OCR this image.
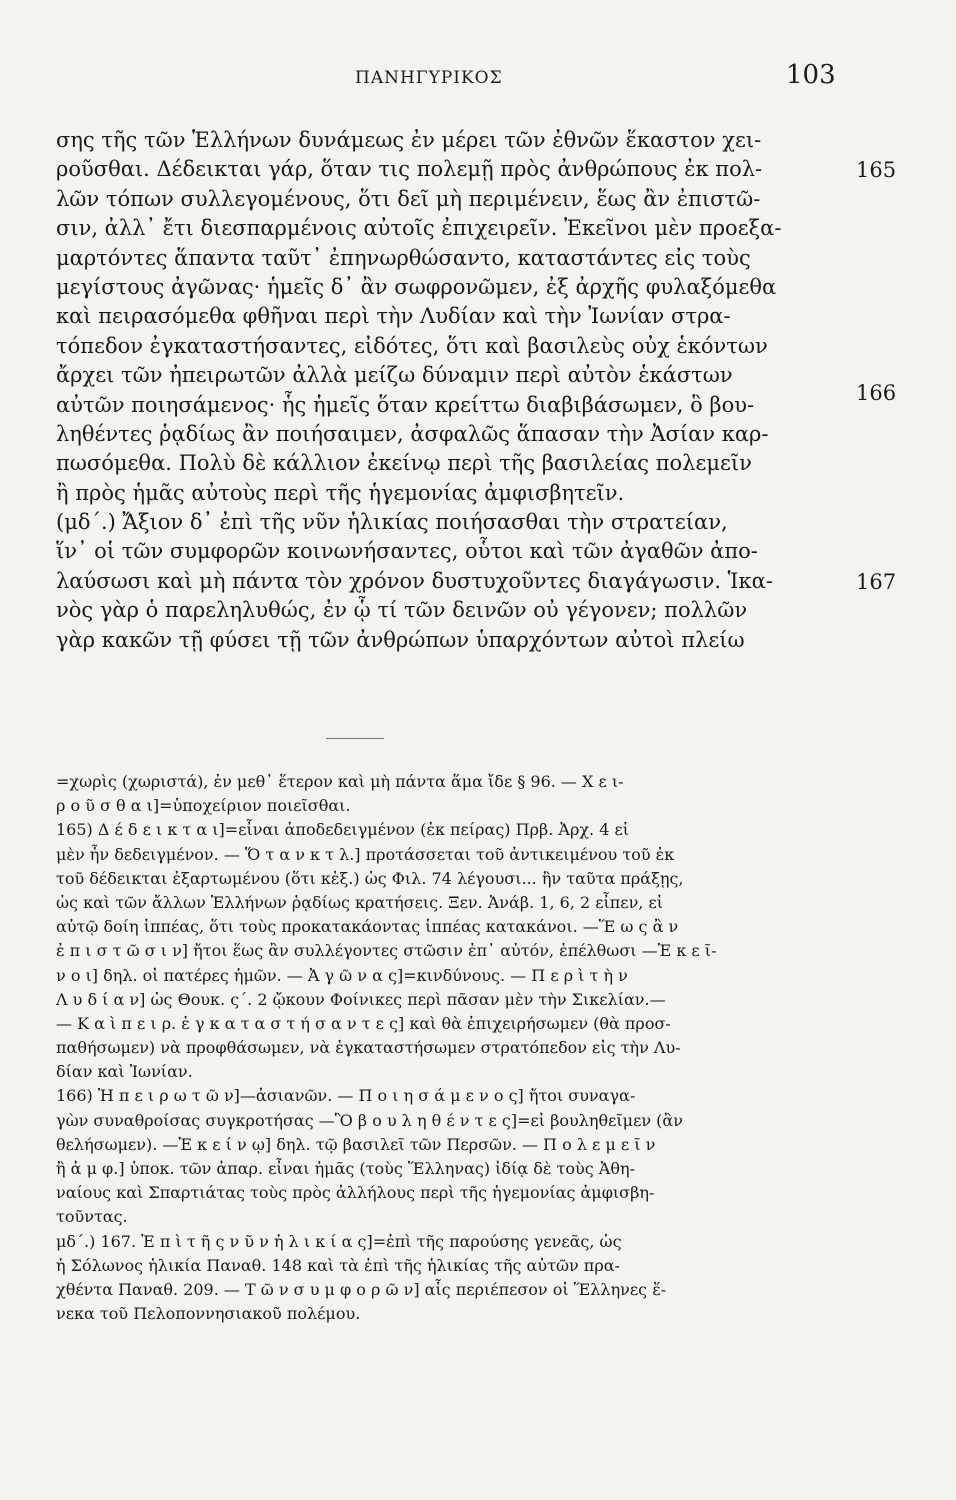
ΠΑΝΗΓΥΡΙΚΟΣ	103
σης τῆς τῶν Ἑλλήνων δυνάμεως ἐν μέρει τῶν ἐθνῶν ἕκαστον χει-
ροῦσθαι. Δέδεικται γάρ, ὅταν τις πολεμῇ πρὸς ἀνθρώπους ἐκ πολ-
λῶν τόπων συλλεγομένους, ὅτι δεῖ μὴ περιμένειν, ἕως ἂν ἐπιστῶ-
σιν, ἀλλ᾽ ἔτι διεσπαρμένοις αὐτοῖς ἐπιχειρεῖν. Ἐκεῖνοι μὲν προεξα-
μαρτόντες ἅπαντα ταῦτ᾽ ἐπηνωρθώσαντο, καταστάντες εἰς τοὺς
μεγίστους ἀγῶνας· ἡμεῖς δ᾽ ἂν σωφρονῶμεν, ἐξ ἀρχῆς φυλαξόμεθα
καὶ πειρασόμεθα φθῆναι περὶ τὴν Λυδίαν καὶ τὴν Ἰωνίαν στρα-
τόπεδον ἐγκαταστήσαντες, εἰδότες, ὅτι καὶ βασιλεὺς οὐχ ἑκόντων
ἄρχει τῶν ἠπειρωτῶν ἀλλὰ μείζω δύναμιν περὶ αὐτὸν ἑκάστων
αὐτῶν ποιησάμενος· ἧς ἡμεῖς ὅταν κρείττω διαβιβάσωμεν, ὃ βου-
ληθέντες ῥᾳδίως ἂν ποιήσαιμεν, ἀσφαλῶς ἅπασαν τὴν Ἀσίαν καρ-
πωσόμεθα. Πολὺ δὲ κάλλιον ἐκείνῳ περὶ τῆς βασιλείας πολεμεῖν
ἢ πρὸς ἡμᾶς αὐτοὺς περὶ τῆς ἡγεμονίας ἀμφισβητεῖν.
(μδ΄.) Ἄξιον δ᾽ ἐπὶ τῆς νῦν ἡλικίας ποιήσασθαι τὴν στρατείαν,
ἵν᾽ οἱ τῶν συμφορῶν κοινωνήσαντες, οὗτοι καὶ τῶν ἀγαθῶν ἀπο-
λαύσωσι καὶ μὴ πάντα τὸν χρόνον δυστυχοῦντες διαγάγωσιν. Ἱκα-
νὸς γὰρ ὁ παρεληλυθώς, ἐν ᾧ τί τῶν δεινῶν οὐ γέγονεν; πολλῶν
γὰρ κακῶν τῇ φύσει τῇ τῶν ἀνθρώπων ὑπαρχόντων αὐτοὶ πλείω
165
166
167
=χωρὶς (χωριστά), ἐν μεθ᾽ ἕτερον καὶ μὴ πάντα ἅμα ἴδε § 96. — Χ ε ι-
ρ ο ῦ σ θ α ι]=ὑποχείριον ποιεῖσθαι.
165) Δ έ δ ε ι κ τ α ι]=εἶναι ἀποδεδειγμένον (ἐκ πείρας) Πρβ. Ἀρχ. 4 εἰ
μὲν ἦν δεδειγμένον. — Ὅ τ α ν κ τ λ.] προτάσσεται τοῦ ἀντικειμένου τοῦ ἐκ
τοῦ δέδεικται ἐξαρτωμένου (ὅτι κἑξ.) ὡς Φιλ. 74 λέγουσι... ἢν ταῦτα πράξῃς,
ὡς καὶ τῶν ἄλλων Ἑλλήνων ῥᾳδίως κρατήσεις. Ξεν. Ἀνάβ. 1, 6, 2 εἶπεν, εἰ
αὐτῷ δοίη ἱππέας, ὅτι τοὺς προκατακάοντας ἱππέας κατακάνοι. —Ἕ ω ς ἂ ν
ἐ π ι σ τ ῶ σ ι ν] ἤτοι ἕως ἂν συλλέγοντες στῶσιν ἐπ᾽ αὐτόν, ἐπέλθωσι —Ἐ κ ε ῖ-
ν ο ι] δηλ. οἱ πατέρες ἡμῶν. — Ἀ γ ῶ ν α ς]=κινδύνους. — Π ε ρ ὶ τ ὴ ν
Λ υ δ ί α ν] ὡς Θουκ. ς΄. 2 ᾤκουν Φοίνικες περὶ πᾶσαν μὲν τὴν Σικελίαν.—
— Κ α ὶ π ε ι ρ. ἐ γ κ α τ α σ τ ή σ α ν τ ε ς] καὶ θὰ ἐπιχειρήσωμεν (θὰ προσ-
παθήσωμεν) νὰ προφθάσωμεν, νὰ ἐγκαταστήσωμεν στρατόπεδον εἰς τὴν Λυ-
δίαν καὶ Ἰωνίαν.
166) Ἠ π ε ι ρ ω τ ῶ ν]—ἀσιανῶν. — Π ο ι η σ ά μ ε ν ο ς] ἤτοι συναγα-
γὼν συναθροίσας συγκροτήσας —Ὃ β ο υ λ η θ έ ν τ ε ς]=εἰ βουληθεῖμεν (ἂν
θελήσωμεν). —Ἐ κ ε ί ν ῳ] δηλ. τῷ βασιλεῖ τῶν Περσῶν. — Π ο λ ε μ ε ῖ ν
ἢ ἀ μ φ.] ὑποκ. τῶν ἀπαρ. εἶναι ἡμᾶς (τοὺς Ἕλληνας) ἰδίᾳ δὲ τοὺς Ἀθη-
ναίους καὶ Σπαρτιάτας τοὺς πρὸς ἀλλήλους περὶ τῆς ἡγεμονίας ἀμφισβη-
τοῦντας.
μδ΄.) 167. Ἐ π ὶ τ ῆ ς ν ῦ ν ἡ λ ι κ ί α ς]=ἐπὶ τῆς παρούσης γενεᾶς, ὡς
ἡ Σόλωνος ἡλικία Παναθ. 148 καὶ τὰ ἐπὶ τῆς ἡλικίας τῆς αὐτῶν πρα-
χθέντα Παναθ. 209. — Τ ῶ ν σ υ μ φ ο ρ ῶ ν] αἷς περιέπεσον οἱ Ἕλληνες ἕ-
νεκα τοῦ Πελοποννησιακοῦ πολέμου.
